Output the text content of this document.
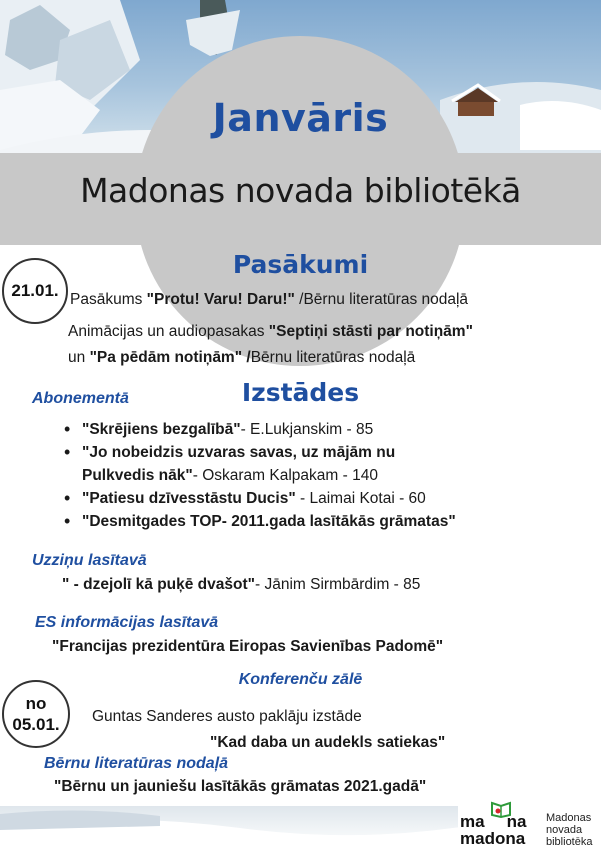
Janvāris
Madonas novada bibliotēkā
Pasākumi
21.01. Pasākums "Protu! Varu! Daru!" /Bērnu literatūras nodaļā
Animācijas un audiopasakas "Septiņi stāsti par notiņām"
un "Pa pēdām notiņām" /Bērnu literatūras nodaļā
Izstādes
Abonementā
• "Skrējiens bezgalībā"- E.Lukjanskim - 85
• "Jo nobeidzis uzvaras savas, uz mājām nu
Pulkvedis nāk"- Oskaram Kalpakam - 140
• "Patiesu dzīvesstāstu Ducis" - Laimai Kotai - 60
• "Desmitgades TOP- 2011.gada lasītākās grāmatas"
Uzziņu lasītavā
" - dzejolī kā puķē dvašot"- Jānim Sirmbārdim - 85
ES informācijas lasītavā
"Francijas prezidentūra Eiropas Savienības Padomē"
Konferenču zālē
no
05.01. Guntas Sanderes austo paklāju izstāde
"Kad daba un audekls satiekas"
Bērnu literatūras nodaļā
"Bērnu un jauniešu lasītākās grāmatas 2021.gadā"
ma na
madona
Madonas
novada
bibliotēka
